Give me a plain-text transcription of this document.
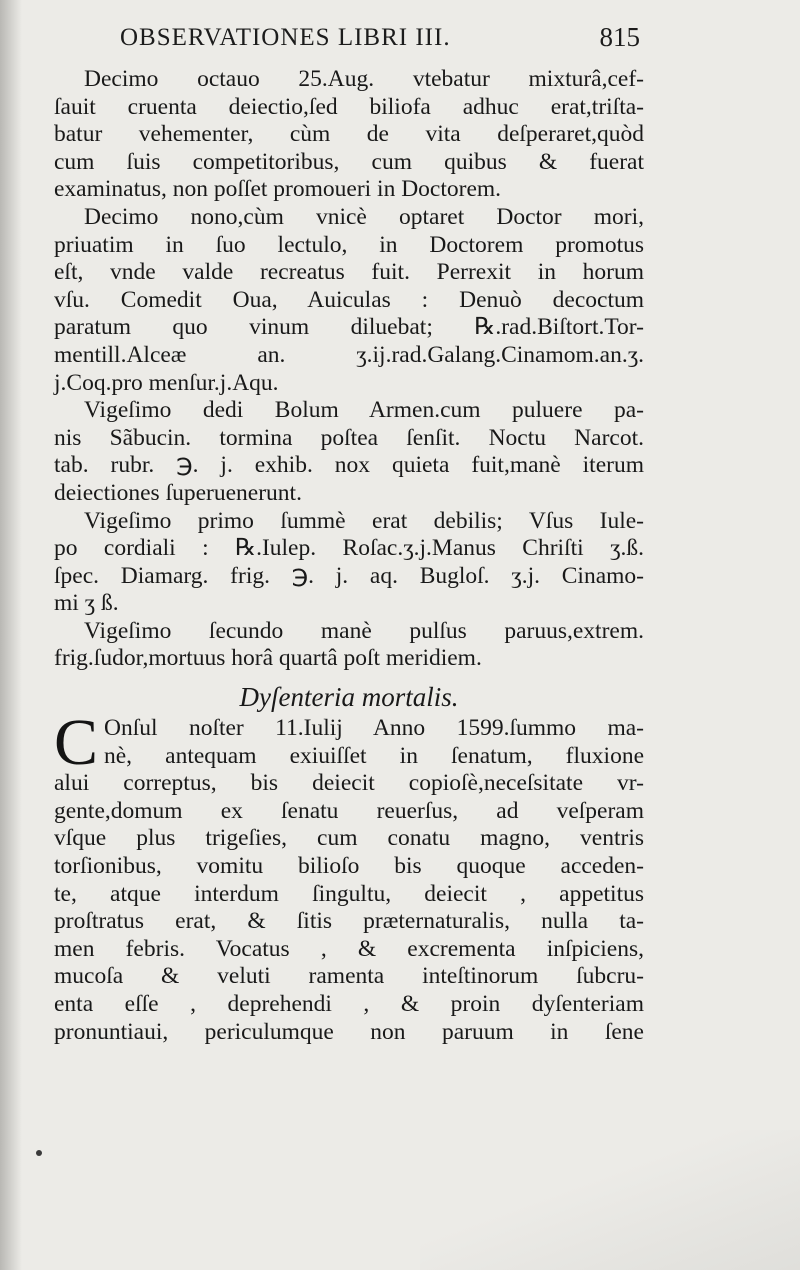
OBSERVATIONES LIBRI III.	815
Decimo octauo 25.Aug. vtebatur mixturâ,cef-
ſauit cruenta deiectio,ſed biliofa adhuc erat,triſta-
batur vehementer, cùm de vita deſperaret,quòd
cum ſuis competitoribus, cum quibus & fuerat
examinatus, non poſſet promoueri in Doctorem.
Decimo nono,cùm vnicè optaret Doctor mori,
priuatim in ſuo lectulo, in Doctorem promotus
eſt, vnde valde recreatus fuit. Perrexit in horum
vſu. Comedit Oua, Auiculas : Denuò decoctum
paratum quo vinum diluebat; ℞.rad.Biſtort.Tor-
mentill.Alceæ an. ʒ.ij.rad.Galang.Cinamom.an.ʒ.
j.Coq.pro menſur.j.Aqu.
Vigeſimo dedi Bolum Armen.cum puluere pa-
nis Sãbucin. tormina poſtea ſenſit. Noctu Narcot.
tab. rubr. ℈. j. exhib. nox quieta fuit,manè iterum
deiectiones ſuperuenerunt.
Vigeſimo primo ſummè erat debilis; Vſus Iule-
po cordiali : ℞.Iulep. Roſac.ʒ.j.Manus Chriſti ʒ.ß.
ſpec. Diamarg. frig. ℈. j. aq. Bugloſ. ʒ.j. Cinamo-
mi ʒ ß.
Vigeſimo ſecundo manè pulſus paruus,extrem.
frig.ſudor,mortuus horâ quartâ poſt meridiem.
Dyſenteria mortalis.
C Onſul noſter 11.Iulij Anno 1599.ſummo ma-
nè, antequam exiuiſſet in ſenatum, fluxione
alui correptus, bis deiecit copioſè,neceſsitate vr-
gente,domum ex ſenatu reuerſus, ad veſperam
vſque plus trigeſies, cum conatu magno, ventris
torſionibus, vomitu bilioſo bis quoque acceden-
te, atque interdum ſingultu, deiecit , appetitus
proſtratus erat, & ſitis præternaturalis, nulla ta-
men febris. Vocatus , & excrementa inſpiciens,
mucoſa & veluti ramenta inteſtinorum ſubcru-
enta eſſe , deprehendi , & proin dyſenteriam
pronuntiaui, periculumque non paruum in ſene
